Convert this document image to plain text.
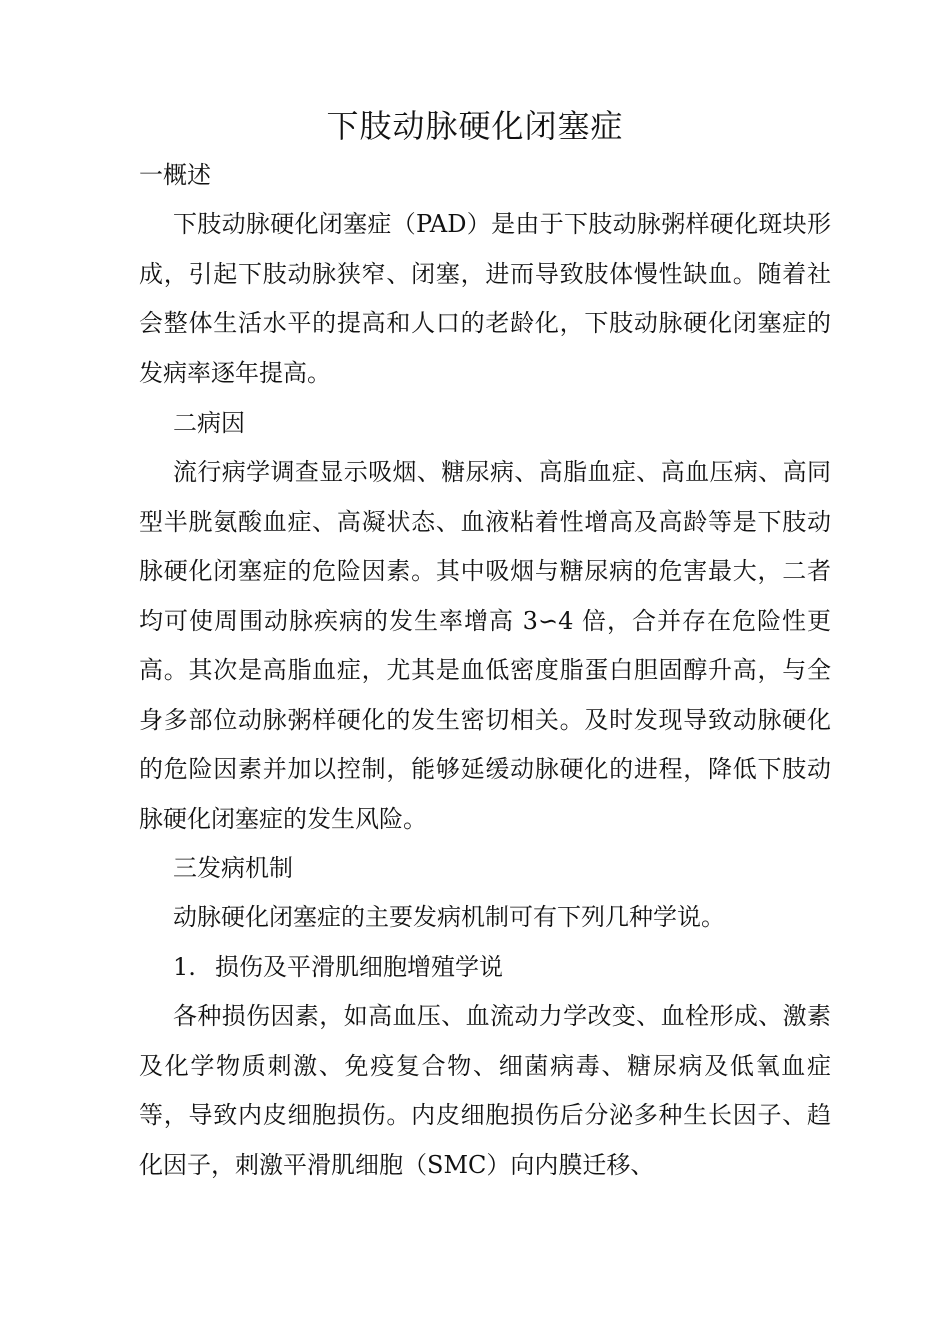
下肢动脉硬化闭塞症
一概述

下肢动脉硬化闭塞症（PAD）是由于下肢动脉粥样硬化斑块形成，引起下肢动脉狭窄、闭塞，进而导致肢体慢性缺血。随着社会整体生活水平的提高和人口的老龄化，下肢动脉硬化闭塞症的发病率逐年提高。

二病因

流行病学调查显示吸烟、糖尿病、高脂血症、高血压病、高同型半胱氨酸血症、高凝状态、血液粘着性增高及高龄等是下肢动脉硬化闭塞症的危险因素。其中吸烟与糖尿病的危害最大，二者均可使周围动脉疾病的发生率增高 3∽4 倍，合并存在危险性更高。其次是高脂血症，尤其是血低密度脂蛋白胆固醇升高，与全身多部位动脉粥样硬化的发生密切相关。及时发现导致动脉硬化的危险因素并加以控制，能够延缓动脉硬化的进程，降低下肢动脉硬化闭塞症的发生风险。

三发病机制
动脉硬化闭塞症的主要发病机制可有下列几种学说。
1. 损伤及平滑肌细胞增殖学说

各种损伤因素，如高血压、血流动力学改变、血栓形成、激素及化学物质刺激、免疫复合物、细菌病毒、糖尿病及低氧血症等，导致内皮细胞损伤。内皮细胞损伤后分泌多种生长因子、趋化因子，刺激平滑肌细胞（SMC）向内膜迁移、
